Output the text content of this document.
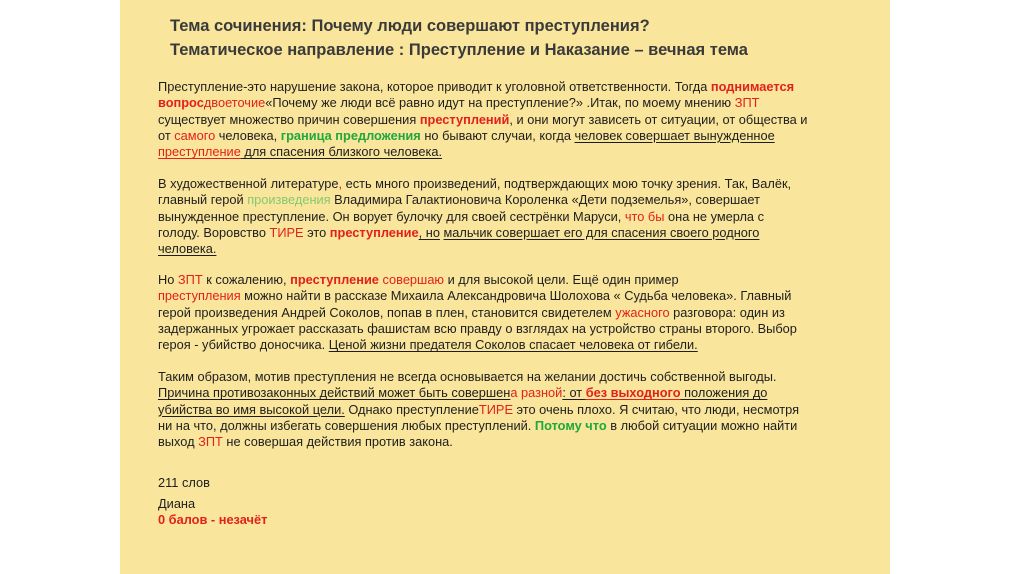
Тема сочинения: Почему люди совершают преступления?

Тематическое направление : Преступление и Наказание – вечная тема

Преступление-это нарушение закона, которое приводит к уголовной ответственности. Тогда поднимается
вопросдвоеточие«Почему же люди всё равно идут на преступление?» .Итак, по моему мнению ЗПТ
существует множество причин совершения преступлений, и они могут зависеть от ситуации, от общества и
от самого человека, граница предложения но бывают случаи, когда человек совершает вынужденное
преступление для спасения близкого человека.
В художественной литературе, есть много произведений, подтверждающих мою точку зрения. Так, Валёк,
главный герой произведения Владимира Галактионовича Короленка «Дети подземелья», совершает
вынужденное преступление. Он ворует булочку для своей сестрёнки Маруси, что бы она не умерла с
голоду. Воровство ТИРЕ это преступление, но мальчик совершает его для спасения своего родного
человека.
Но ЗПТ к сожалению, преступление совершаю и для высокой цели. Ещё один пример
преступления можно найти в рассказе Михаила Александровича Шолохова « Судьба человека». Главный
герой произведения Андрей Соколов, попав в плен, становится свидетелем ужасного разговора: один из
задержанных угрожает рассказать фашистам всю правду о взглядах на устройство страны второго. Выбор
героя - убийство доносчика. Ценой жизни предателя Соколов спасает человека от гибели.
Таким образом, мотив преступления не всегда основывается на желании достичь собственной выгоды.
Причина противозаконных действий может быть совершена разной: от без выходного положения до
убийства во имя высокой цели. Однако преступлениеТИРЕ это очень плохо. Я считаю, что люди, несмотря
ни на что, должны избегать совершения любых преступлений. Потому что в любой ситуации можно найти
выход ЗПТ не совершая действия против закона.

211 слов

Диана

0 балов - незачёт
